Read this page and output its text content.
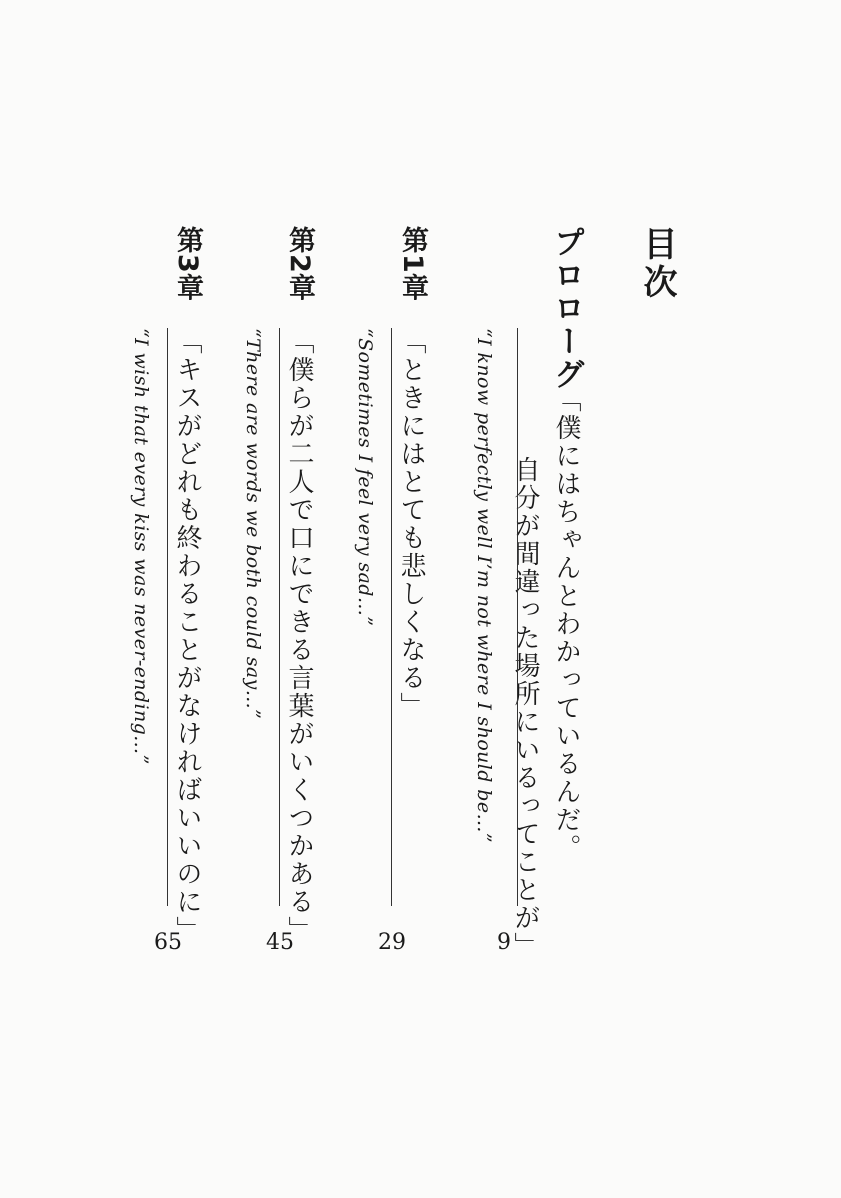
目次
プロローグ
「僕にはちゃんとわかっているんだ。
自分が間違った場所にいるってことが」
“I know perfectly well I’m not where I should be…”
9
第1章
「ときにはとても悲しくなる」
“Sometimes I feel very sad…”
29
第2章
「僕らが二人で口にできる言葉がいくつかある」
“There are words we both could say…”
45
第3章
「キスがどれも終わることがなければいいのに」
“I wish that every kiss was never-ending…”
65
